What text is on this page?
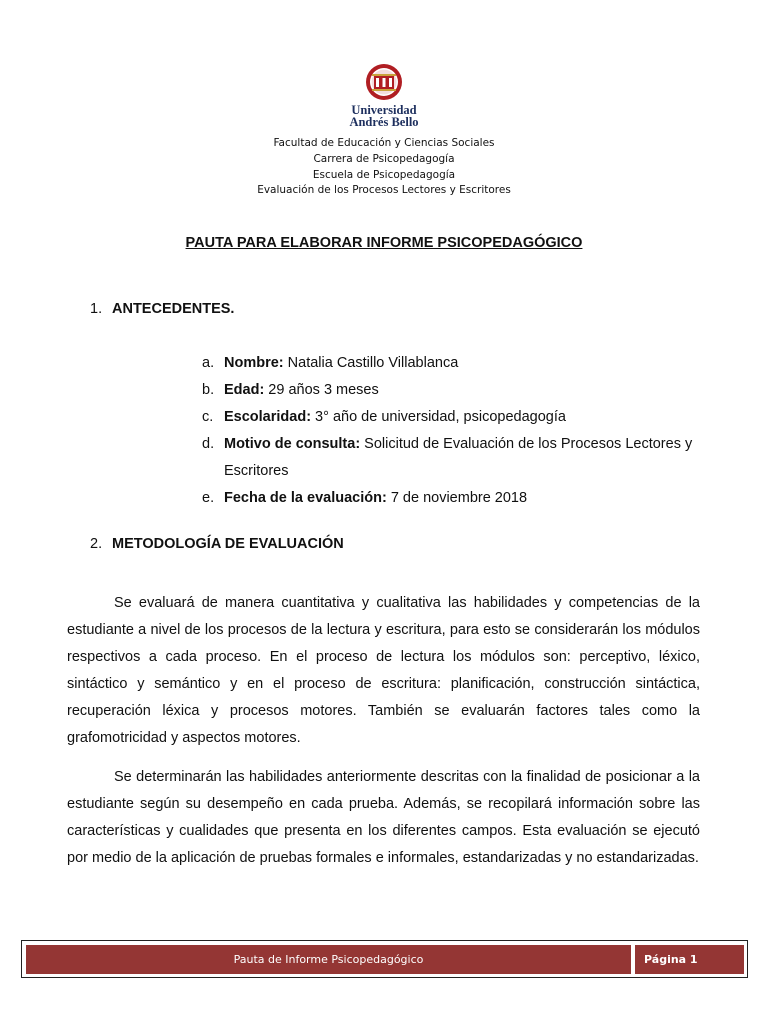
Universidad
Andrés Bello
Facultad de Educación y Ciencias Sociales
Carrera de Psicopedagogía
Escuela de Psicopedagogía
Evaluación de los Procesos Lectores y Escritores
PAUTA PARA ELABORAR INFORME PSICOPEDAGÓGICO
1. ANTECEDENTES.
a. Nombre: Natalia Castillo Villablanca
b. Edad: 29 años 3 meses
c. Escolaridad: 3° año de universidad, psicopedagogía
d. Motivo de consulta: Solicitud de Evaluación de los Procesos Lectores y Escritores
e. Fecha de la evaluación: 7 de noviembre 2018
2. METODOLOGÍA DE EVALUACIÓN

Se evaluará de manera cuantitativa y cualitativa las habilidades y competencias de la estudiante a nivel de los procesos de la lectura y escritura, para esto se considerarán los módulos respectivos a cada proceso. En el proceso de lectura los módulos son: perceptivo, léxico, sintáctico y semántico y en el proceso de escritura: planificación, construcción sintáctica, recuperación léxica y procesos motores. También se evaluarán factores tales como la grafomotricidad y aspectos motores.

Se determinarán las habilidades anteriormente descritas con la finalidad de posicionar a la estudiante según su desempeño en cada prueba. Además, se recopilará información sobre las características y cualidades que presenta en los diferentes campos. Esta evaluación se ejecutó por medio de la aplicación de pruebas formales e informales, estandarizadas y no estandarizadas.

Pauta de Informe Psicopedagógico	Página 1
